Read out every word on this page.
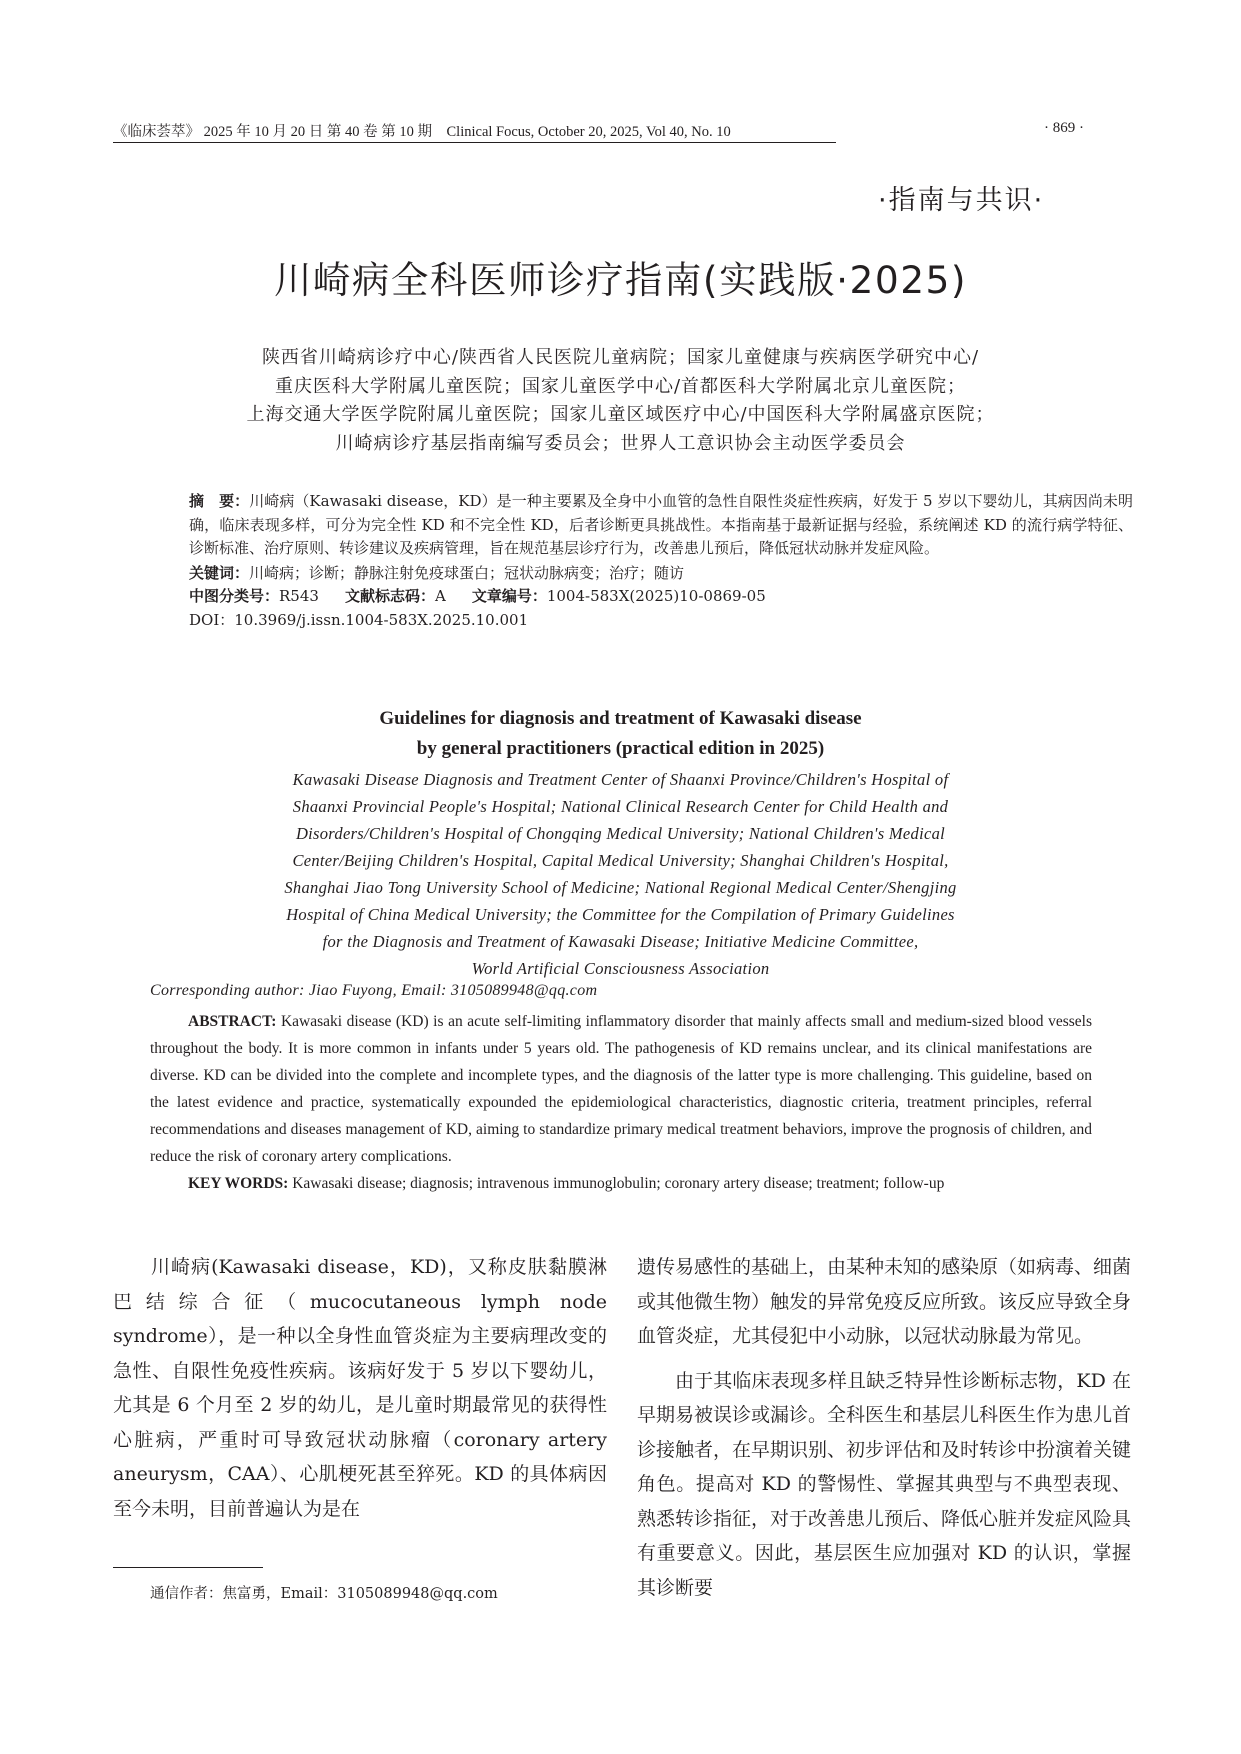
《临床荟萃》 2025 年 10 月 20 日 第 40 卷 第 10 期　Clinical Focus, October 20, 2025, Vol 40, No. 10	· 869 ·
·指南与共识·
川崎病全科医师诊疗指南(实践版·2025)
陕西省川崎病诊疗中心/陕西省人民医院儿童病院；国家儿童健康与疾病医学研究中心/
重庆医科大学附属儿童医院；国家儿童医学中心/首都医科大学附属北京儿童医院；
上海交通大学医学院附属儿童医院；国家儿童区域医疗中心/中国医科大学附属盛京医院；
川崎病诊疗基层指南编写委员会；世界人工意识协会主动医学委员会

摘　要：川崎病（Kawasaki disease，KD）是一种主要累及全身中小血管的急性自限性炎症性疾病，好发于 5 岁以下婴幼儿，其病因尚未明确，临床表现多样，可分为完全性 KD 和不完全性 KD，后者诊断更具挑战性。本指南基于最新证据与经验，系统阐述 KD 的流行病学特征、诊断标准、治疗原则、转诊建议及疾病管理，旨在规范基层诊疗行为，改善患儿预后，降低冠状动脉并发症风险。

关键词：川崎病；诊断；静脉注射免疫球蛋白；冠状动脉病变；治疗；随访
中图分类号：R543 文献标志码：A 文章编号：1004-583X(2025)10-0869-05
DOI：10.3969/j.issn.1004-583X.2025.10.001
Guidelines for diagnosis and treatment of Kawasaki disease
by general practitioners (practical edition in 2025)
Kawasaki Disease Diagnosis and Treatment Center of Shaanxi Province/Children's Hospital of
Shaanxi Provincial People's Hospital; National Clinical Research Center for Child Health and
Disorders/Children's Hospital of Chongqing Medical University; National Children's Medical
Center/Beijing Children's Hospital, Capital Medical University; Shanghai Children's Hospital,
Shanghai Jiao Tong University School of Medicine; National Regional Medical Center/Shengjing
Hospital of China Medical University; the Committee for the Compilation of Primary Guidelines
for the Diagnosis and Treatment of Kawasaki Disease; Initiative Medicine Committee,
World Artificial Consciousness Association
Corresponding author: Jiao Fuyong, Email: 3105089948@qq.com

ABSTRACT: Kawasaki disease (KD) is an acute self-limiting inflammatory disorder that mainly affects small and medium-sized blood vessels throughout the body. It is more common in infants under 5 years old. The pathogenesis of KD remains unclear, and its clinical manifestations are diverse. KD can be divided into the complete and incomplete types, and the diagnosis of the latter type is more challenging. This guideline, based on the latest evidence and practice, systematically expounded the epidemiological characteristics, diagnostic criteria, treatment principles, referral recommendations and diseases management of KD, aiming to standardize primary medical treatment behaviors, improve the prognosis of children, and reduce the risk of coronary artery complications.

KEY WORDS: Kawasaki disease; diagnosis; intravenous immunoglobulin; coronary artery disease; treatment; follow-up

川崎病(Kawasaki disease，KD)，又称皮肤黏膜淋巴结综合征（mucocutaneous lymph node syndrome），是一种以全身性血管炎症为主要病理改变的急性、自限性免疫性疾病。该病好发于 5 岁以下婴幼儿，尤其是 6 个月至 2 岁的幼儿，是儿童时期最常见的获得性心脏病，严重时可导致冠状动脉瘤（coronary artery aneurysm，CAA）、心肌梗死甚至猝死。KD 的具体病因至今未明，目前普遍认为是在

遗传易感性的基础上，由某种未知的感染原（如病毒、细菌或其他微生物）触发的异常免疫反应所致。该反应导致全身血管炎症，尤其侵犯中小动脉，以冠状动脉最为常见。

由于其临床表现多样且缺乏特异性诊断标志物，KD 在早期易被误诊或漏诊。全科医生和基层儿科医生作为患儿首诊接触者，在早期识别、初步评估和及时转诊中扮演着关键角色。提高对 KD 的警惕性、掌握其典型与不典型表现、熟悉转诊指征，对于改善患儿预后、降低心脏并发症风险具有重要意义。因此，基层医生应加强对 KD 的认识，掌握其诊断要

通信作者：焦富勇，Email：3105089948@qq.com
